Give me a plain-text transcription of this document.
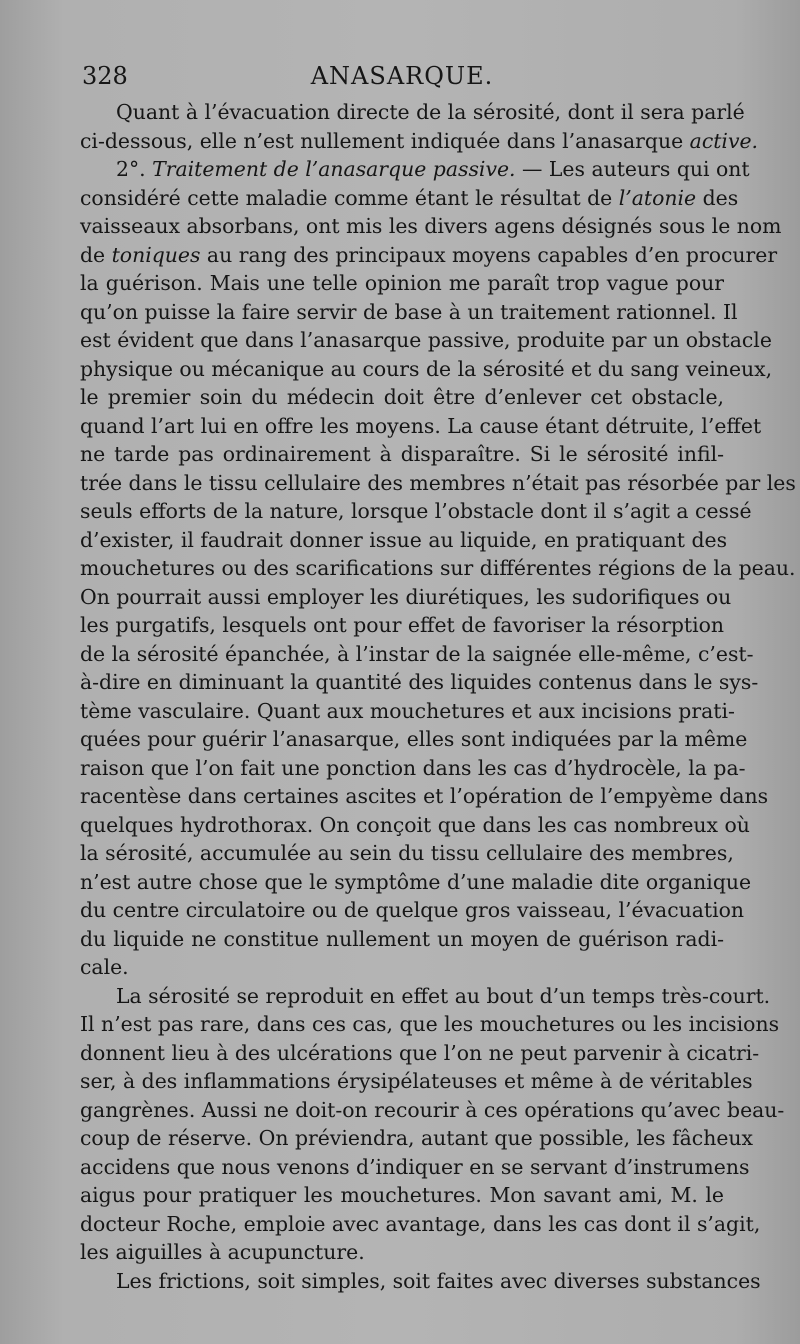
328	ANASARQUE.
Quant à l’évacuation directe de la sérosité, dont il sera parlé
ci-dessous, elle n’est nullement indiquée dans l’anasarque active.
2°. Traitement de l’anasarque passive. — Les auteurs qui ont
considéré cette maladie comme étant le résultat de l’atonie des
vaisseaux absorbans, ont mis les divers agens désignés sous le nom
de toniques au rang des principaux moyens capables d’en procurer
la guérison. Mais une telle opinion me paraît trop vague pour
qu’on puisse la faire servir de base à un traitement rationnel. Il
est évident que dans l’anasarque passive, produite par un obstacle
physique ou mécanique au cours de la sérosité et du sang veineux,
le premier soin du médecin doit être d’enlever cet obstacle,
quand l’art lui en offre les moyens. La cause étant détruite, l’effet
ne tarde pas ordinairement à disparaître. Si le sérosité infil-
trée dans le tissu cellulaire des membres n’était pas résorbée par les
seuls efforts de la nature, lorsque l’obstacle dont il s’agit a cessé
d’exister, il faudrait donner issue au liquide, en pratiquant des
mouchetures ou des scarifications sur différentes régions de la peau.
On pourrait aussi employer les diurétiques, les sudorifiques ou
les purgatifs, lesquels ont pour effet de favoriser la résorption
de la sérosité épanchée, à l’instar de la saignée elle-même, c’est-
à-dire en diminuant la quantité des liquides contenus dans le sys-
tème vasculaire. Quant aux mouchetures et aux incisions prati-
quées pour guérir l’anasarque, elles sont indiquées par la même
raison que l’on fait une ponction dans les cas d’hydrocèle, la pa-
racentèse dans certaines ascites et l’opération de l’empyème dans
quelques hydrothorax. On conçoit que dans les cas nombreux où
la sérosité, accumulée au sein du tissu cellulaire des membres,
n’est autre chose que le symptôme d’une maladie dite organique
du centre circulatoire ou de quelque gros vaisseau, l’évacuation
du liquide ne constitue nullement un moyen de guérison radi-
cale.
La sérosité se reproduit en effet au bout d’un temps très-court.
Il n’est pas rare, dans ces cas, que les mouchetures ou les incisions
donnent lieu à des ulcérations que l’on ne peut parvenir à cicatri-
ser, à des inflammations érysipélateuses et même à de véritables
gangrènes. Aussi ne doit-on recourir à ces opérations qu’avec beau-
coup de réserve. On préviendra, autant que possible, les fâcheux
accidens que nous venons d’indiquer en se servant d’instrumens
aigus pour pratiquer les mouchetures. Mon savant ami, M. le
docteur Roche, emploie avec avantage, dans les cas dont il s’agit,
les aiguilles à acupuncture.
Les frictions, soit simples, soit faites avec diverses substances
